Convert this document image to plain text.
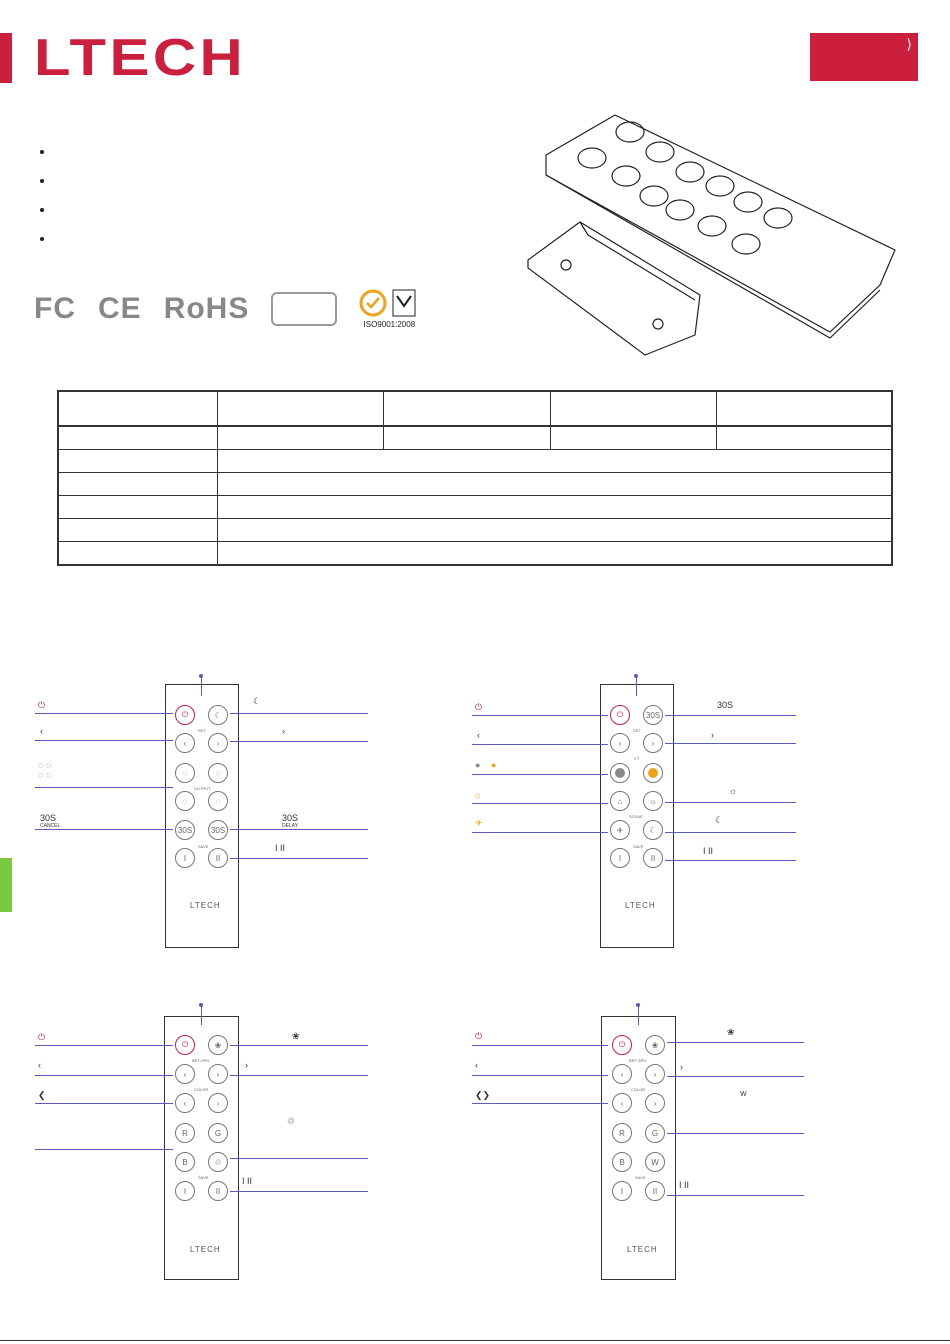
LTECH	⟩
FC CE RoHS	ISO9001:2008

⏻	☾
SET
‹	›
◌	◌
OUTPUT
◌	◌
30S	30S
SAVE
I	II
LTECH
⏻
‹
◌ ◌
◌ ◌
30S
CANCEL
☾
›
30S
DELAY
I II
⏻	30S
SET
‹	›
CT
⌂	☼
SCENE
✈	☾
SAVE
I	II
LTECH
⏻
‹
● ●
⌂
✈
30S
›
☼
☾
I II
⏻	❀
BRT-SPD
‹	›
COLOR
‹	›
R	G
B	♲
SAVE
I	II
LTECH
⏻
‹
❮
❀
›
♲
I II
⏻	❀
BRT-SPD
‹	›
COLOR
‹	›
R	G
B	W
SAVE
I	II
LTECH
⏻
‹
❮❯
❀
›
W
I II
